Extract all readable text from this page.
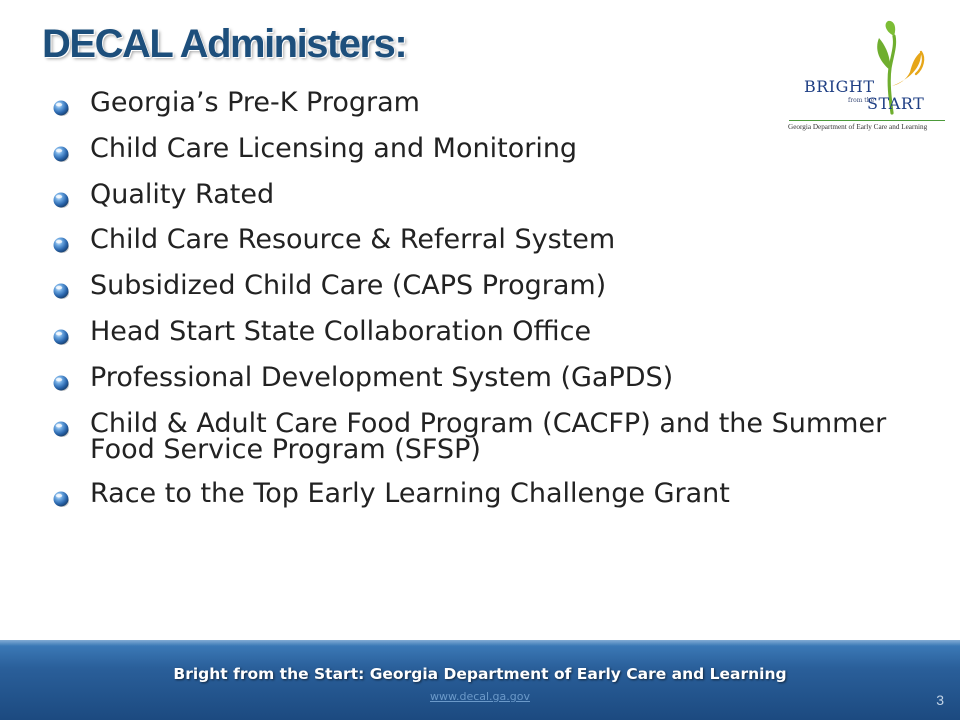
DECAL Administers:
BRIGHT
from the
START
Georgia Department of Early Care and Learning
Georgia’s Pre-K Program
Child Care Licensing and Monitoring
Quality Rated
Child Care Resource & Referral System
Subsidized Child Care (CAPS Program)
Head Start State Collaboration Office
Professional Development System (GaPDS)
Child & Adult Care Food Program (CACFP) and the Summer Food Service Program (SFSP)
Race to the Top Early Learning Challenge Grant
Bright from the Start: Georgia Department of Early Care and Learning
www.decal.ga.gov	3
